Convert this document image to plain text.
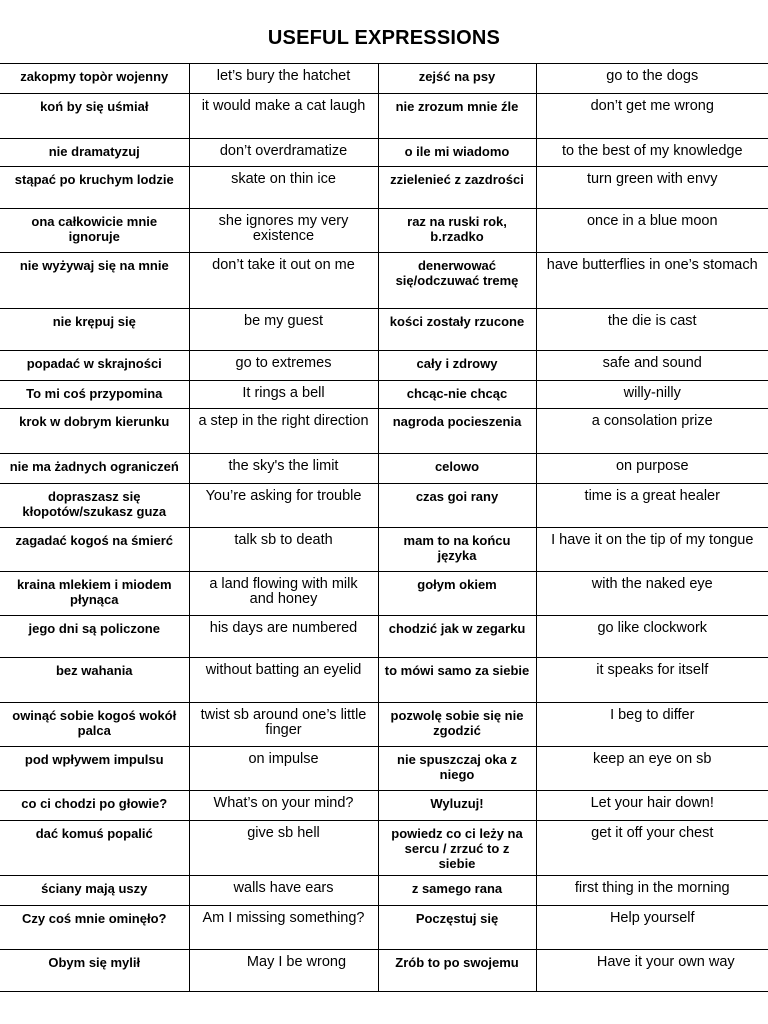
USEFUL EXPRESSIONS
zakopmy topòr wojenny	let’s bury the hatchet	zejść na psy	go to the dogs
koń by się uśmiał	it would make a cat laugh	nie zrozum mnie źle	don’t get me wrong
nie dramatyzuj	don’t overdramatize	o ile mi wiadomo	to the best of my knowledge
stąpać po kruchym lodzie	skate on thin ice	zzielenieć z zazdrości	turn green with envy
ona całkowicie mnie ignoruje	she ignores my very existence	raz na ruski rok, b.rzadko	once in a blue moon
nie wyżywaj się na mnie	don’t take it out on me	denerwować się/odczuwać tremę	have butterflies in one’s stomach
nie krępuj się	be my guest	kości zostały rzucone	the die is cast
popadać w skrajności	go to extremes	cały i zdrowy	safe and sound
To mi coś przypomina	It rings a bell	chcąc-nie chcąc	willy-nilly
krok w dobrym kierunku	a step in the right direction	nagroda pocieszenia	a consolation prize
nie ma żadnych ograniczeń	the sky's the limit	celowo	on purpose
dopraszasz się kłopotów/szukasz guza	You’re asking for trouble	czas goi rany	time is a great healer
zagadać kogoś na śmierć	talk sb to death	mam to na końcu języka	I have it on the tip of my tongue
kraina mlekiem i miodem płynąca	a land flowing with milk and honey	gołym okiem	with the naked eye
jego dni są policzone	his days are numbered	chodzić jak w zegarku	go like clockwork
bez wahania	without batting an eyelid	to mówi samo za siebie	it speaks for itself
owinąć sobie kogoś wokół palca	twist sb around one’s little finger	pozwolę sobie się nie zgodzić	I beg to differ
pod wpływem impulsu	on impulse	nie spuszczaj oka z niego	keep an eye on sb
co ci chodzi po głowie?	What’s on your mind?	Wyluzuj!	Let your hair down!
dać komuś popalić	give sb hell	powiedz co ci leży na sercu / zrzuć to z siebie	get it off your chest
ściany mają uszy	walls have ears	z samego rana	first thing in the morning
Czy coś mnie ominęło?	Am I missing something?	Poczęstuj się	Help yourself
Obym się mylił	May I be wrong	Zrób to po swojemu	Have it your own way
